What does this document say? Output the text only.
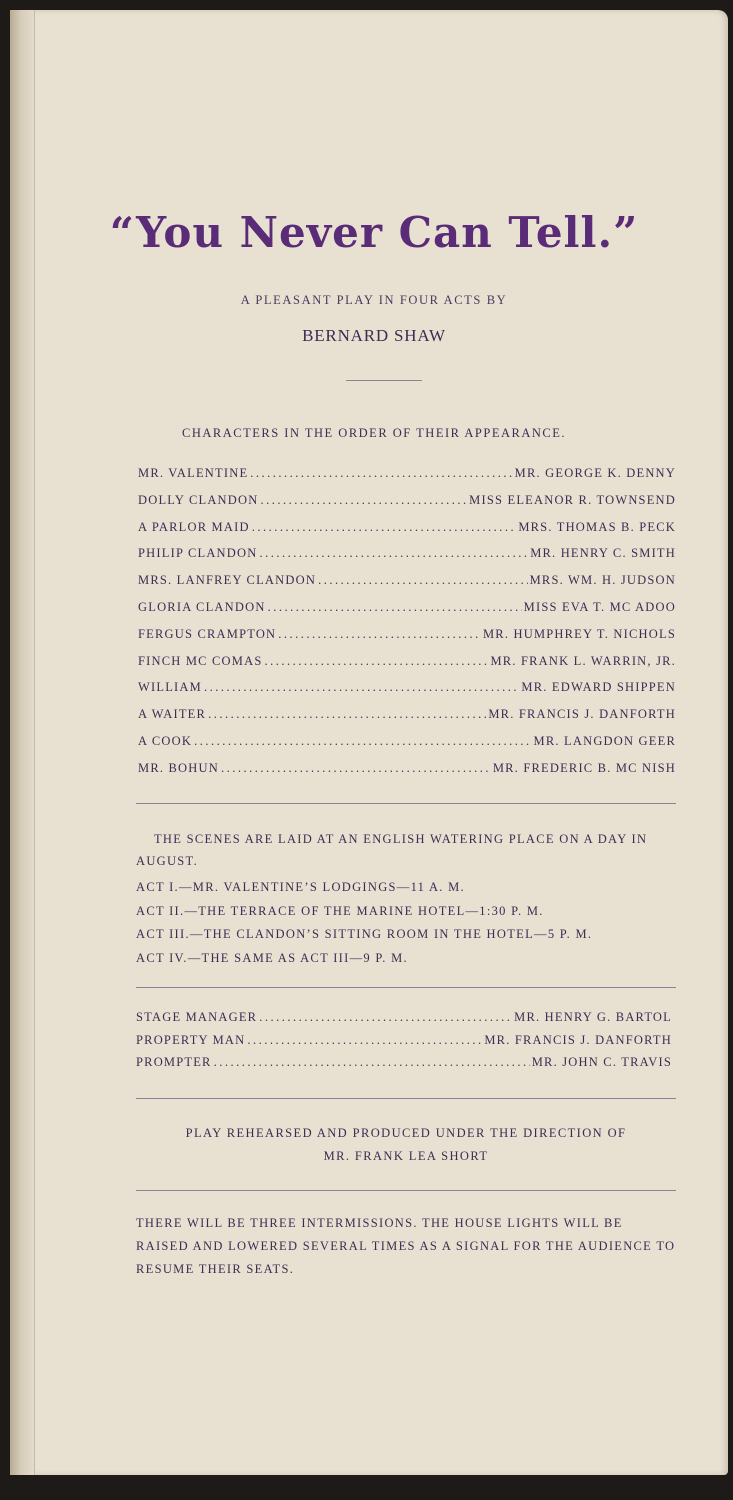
“You Never Can Tell.”
A PLEASANT PLAY IN FOUR ACTS BY
BERNARD SHAW
CHARACTERS IN THE ORDER OF THEIR APPEARANCE.
MR. VALENTINE .....	MR. GEORGE K. DENNY
DOLLY CLANDON .....	MISS ELEANOR R. TOWNSEND
A PARLOR MAID .....	MRS. THOMAS B. PECK
PHILIP CLANDON .....	MR. HENRY C. SMITH
MRS. LANFREY CLANDON .....	MRS. WM. H. JUDSON
GLORIA CLANDON .....	MISS EVA T. MC ADOO
FERGUS CRAMPTON .....	MR. HUMPHREY T. NICHOLS
FINCH MC COMAS .....	MR. FRANK L. WARRIN, JR.
WILLIAM .....	MR. EDWARD SHIPPEN
A WAITER .....	MR. FRANCIS J. DANFORTH
A COOK .....	MR. LANGDON GEER
MR. BOHUN .....	MR. FREDERIC B. MC NISH
THE SCENES ARE LAID AT AN ENGLISH WATERING PLACE ON A DAY IN AUGUST.
ACT I.—MR. VALENTINE’S LODGINGS—11 A. M.
ACT II.—THE TERRACE OF THE MARINE HOTEL—1:30 P. M.
ACT III.—THE CLANDON’S SITTING ROOM IN THE HOTEL—5 P. M.
ACT IV.—THE SAME AS ACT III—9 P. M.
STAGE MANAGER .....	MR. HENRY G. BARTOL
PROPERTY MAN .....	MR. FRANCIS J. DANFORTH
PROMPTER .....	MR. JOHN C. TRAVIS
PLAY REHEARSED AND PRODUCED UNDER THE DIRECTION OF
MR. FRANK LEA SHORT
THERE WILL BE THREE INTERMISSIONS. THE HOUSE LIGHTS WILL BE RAISED AND LOWERED SEVERAL TIMES AS A SIGNAL FOR THE AUDIENCE TO RESUME THEIR SEATS.
